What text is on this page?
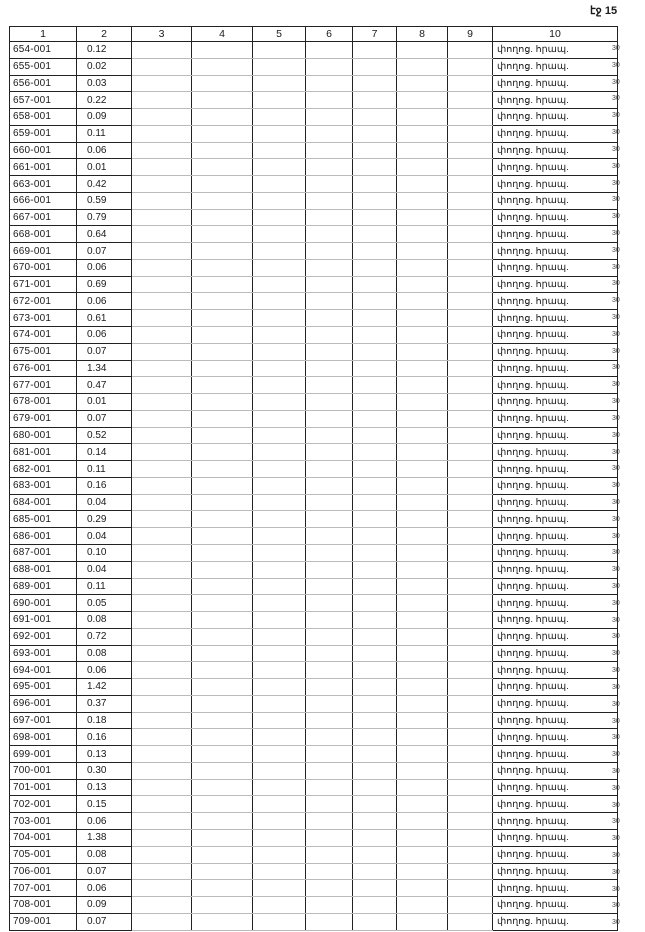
էջ 15
1	2	3	4	5	6	7	8	9	10
654-001	0.12								փողոց. հրապ.
655-001	0.02								փողոց. հրապ.
656-001	0.03								փողոց. հրապ.
657-001	0.22								փողոց. հրապ.
658-001	0.09								փողոց. հրապ.
659-001	0.11								փողոց. հրապ.
660-001	0.06								փողոց. հրապ.
661-001	0.01								փողոց. հրապ.
663-001	0.42								փողոց. հրապ.
666-001	0.59								փողոց. հրապ.
667-001	0.79								փողոց. հրապ.
668-001	0.64								փողոց. հրապ.
669-001	0.07								փողոց. հրապ.
670-001	0.06								փողոց. հրապ.
671-001	0.69								փողոց. հրապ.
672-001	0.06								փողոց. հրապ.
673-001	0.61								փողոց. հրապ.
674-001	0.06								փողոց. հրապ.
675-001	0.07								փողոց. հրապ.
676-001	1.34								փողոց. հրապ.
677-001	0.47								փողոց. հրապ.
678-001	0.01								փողոց. հրապ.
679-001	0.07								փողոց. հրապ.
680-001	0.52								փողոց. հրապ.
681-001	0.14								փողոց. հրապ.
682-001	0.11								փողոց. հրապ.
683-001	0.16								փողոց. հրապ.
684-001	0.04								փողոց. հրապ.
685-001	0.29								փողոց. հրապ.
686-001	0.04								փողոց. հրապ.
687-001	0.10								փողոց. հրապ.
688-001	0.04								փողոց. հրապ.
689-001	0.11								փողոց. հրապ.
690-001	0.05								փողոց. հրապ.
691-001	0.08								փողոց. հրապ.
692-001	0.72								փողոց. հրապ.
693-001	0.08								փողոց. հրապ.
694-001	0.06								փողոց. հրապ.
695-001	1.42								փողոց. հրապ.
696-001	0.37								փողոց. հրապ.
697-001	0.18								փողոց. հրապ.
698-001	0.16								փողոց. հրապ.
699-001	0.13								փողոց. հրապ.
700-001	0.30								փողոց. հրապ.
701-001	0.13								փողոց. հրապ.
702-001	0.15								փողոց. հրապ.
703-001	0.06								փողոց. հրապ.
704-001	1.38								փողոց. հրապ.
705-001	0.08								փողոց. հրապ.
706-001	0.07								փողոց. հրապ.
707-001	0.06								փողոց. հրապ.
708-001	0.09								փողոց. հրապ.
709-001	0.07								փողոց. հրապ.
30
30
30
30
30
30
30
30
30
30
30
30
30
30
30
30
30
30
30
30
30
30
30
30
30
30
30
30
30
30
30
30
30
30
30
30
30
30
30
30
30
30
30
30
30
30
30
30
30
30
30
30
30
